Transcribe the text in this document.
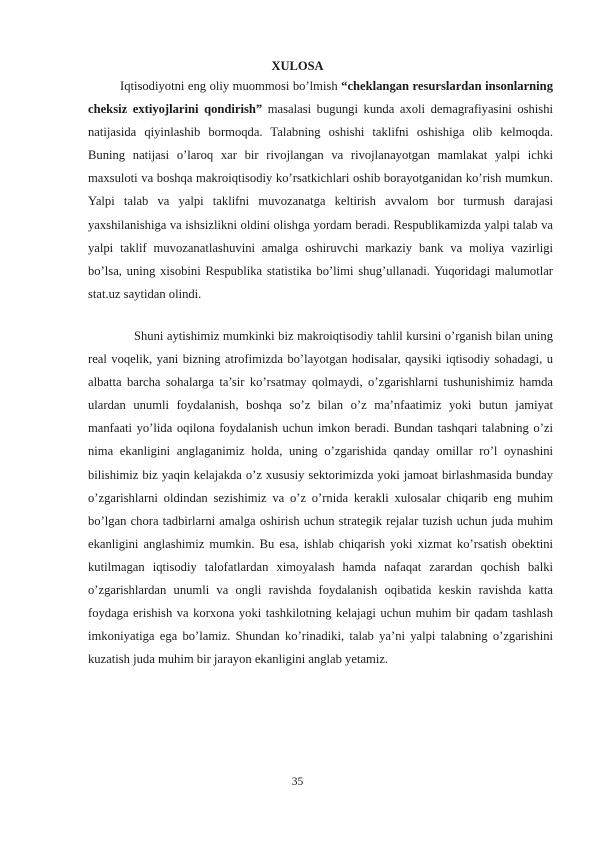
XULOSA

Iqtisodiyotni eng oliy muommosi bo’lmish “cheklangan resurslardan insonlarning cheksiz extiyojlarini qondirish” masalasi bugungi kunda axoli demagrafiyasini oshishi natijasida qiyinlashib bormoqda. Talabning oshishi taklifni oshishiga olib kelmoqda. Buning natijasi o’laroq xar bir rivojlangan va rivojlanayotgan mamlakat yalpi ichki maxsuloti va boshqa makroiqtisodiy ko’rsatkichlari oshib borayotganidan ko’rish mumkun. Yalpi talab va yalpi taklifni muvozanatga keltirish avvalom bor turmush darajasi yaxshilanishiga va ishsizlikni oldini olishga yordam beradi. Respublikamizda yalpi talab va yalpi taklif muvozanatlashuvini amalga oshiruvchi markaziy bank va moliya vazirligi bo’lsa, uning xisobini Respublika statistika bo’limi shug’ullanadi. Yuqoridagi malumotlar stat.uz saytidan olindi.

Shuni aytishimiz mumkinki biz makroiqtisodiy tahlil kursini o’rganish bilan uning real voqelik, yani bizning atrofimizda bo’layotgan hodisalar, qaysiki iqtisodiy sohadagi, u albatta barcha sohalarga ta’sir ko’rsatmay qolmaydi, o’zgarishlarni tushunishimiz hamda ulardan unumli foydalanish, boshqa so’z bilan o’z ma’nfaatimiz yoki butun jamiyat manfaati yo’lida oqilona foydalanish uchun imkon beradi. Bundan tashqari talabning o’zi nima ekanligini anglaganimiz holda, uning o’zgarishida qanday omillar ro’l oynashini bilishimiz biz yaqin kelajakda o’z xususiy sektorimizda yoki jamoat birlashmasida bunday o’zgarishlarni oldindan sezishimiz va o’z o’rnida kerakli xulosalar chiqarib eng muhim bo’lgan chora tadbirlarni amalga oshirish uchun strategik rejalar tuzish uchun juda muhim ekanligini anglashimiz mumkin. Bu esa, ishlab chiqarish yoki xizmat ko’rsatish obektini kutilmagan iqtisodiy talofatlardan ximoyalash hamda nafaqat zarardan qochish balki o’zgarishlardan unumli va ongli ravishda foydalanish oqibatida keskin ravishda katta foydaga erishish va korxona yoki tashkilotning kelajagi uchun muhim bir qadam tashlash imkoniyatiga ega bo’lamiz. Shundan ko’rinadiki, talab ya’ni yalpi talabning o’zgarishini kuzatish juda muhim bir jarayon ekanligini anglab yetamiz.

35
